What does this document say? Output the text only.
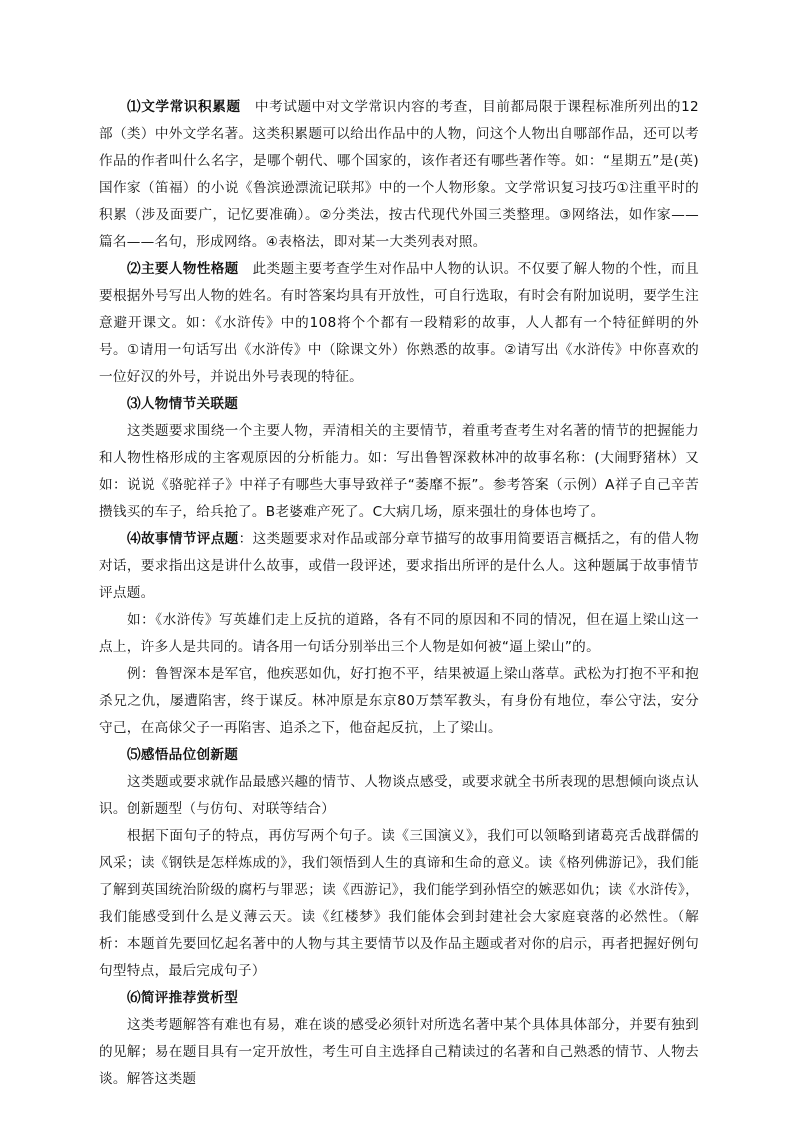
⑴文学常识积累题　中考试题中对文学常识内容的考查，目前都局限于课程标准所列出的12部（类）中外文学名著。这类积累题可以给出作品中的人物，问这个人物出自哪部作品，还可以考作品的作者叫什么名字，是哪个朝代、哪个国家的，该作者还有哪些著作等。如：“星期五”是(英)国作家（笛福）的小说《鲁滨逊漂流记联邦》中的一个人物形象。文学常识复习技巧①注重平时的积累（涉及面要广，记忆要准确）。②分类法，按古代现代外国三类整理。③网络法，如作家——篇名——名句，形成网络。④表格法，即对某一大类列表对照。

⑵主要人物性格题　此类题主要考查学生对作品中人物的认识。不仅要了解人物的个性，而且要根据外号写出人物的姓名。有时答案均具有开放性，可自行选取，有时会有附加说明，要学生注意避开课文。如：《水浒传》中的108将个个都有一段精彩的故事，人人都有一个特征鲜明的外号。①请用一句话写出《水浒传》中（除课文外）你熟悉的故事。②请写出《水浒传》中你喜欢的一位好汉的外号，并说出外号表现的特征。

⑶人物情节关联题

这类题要求围绕一个主要人物，弄清相关的主要情节，着重考查考生对名著的情节的把握能力和人物性格形成的主客观原因的分析能力。如：写出鲁智深救林冲的故事名称：(大闹野猪林）又如：说说《骆驼祥子》中祥子有哪些大事导致祥子“萎靡不振”。参考答案（示例）A祥子自己辛苦攒钱买的车子，给兵抢了。B老婆难产死了。C大病几场，原来强壮的身体也垮了。

⑷故事情节评点题：这类题要求对作品或部分章节描写的故事用简要语言概括之，有的借人物对话，要求指出这是讲什么故事，或借一段评述，要求指出所评的是什么人。这种题属于故事情节评点题。

如：《水浒传》写英雄们走上反抗的道路，各有不同的原因和不同的情况，但在逼上梁山这一点上，许多人是共同的。请各用一句话分别举出三个人物是如何被“逼上梁山”的。

例：鲁智深本是军官，他疾恶如仇，好打抱不平，结果被逼上梁山落草。武松为打抱不平和抱杀兄之仇，屡遭陷害，终于谋反。林冲原是东京80万禁军教头，有身份有地位，奉公守法，安分守己，在高俅父子一再陷害、追杀之下，他奋起反抗，上了梁山。

⑸感悟品位创新题

这类题或要求就作品最感兴趣的情节、人物谈点感受，或要求就全书所表现的思想倾向谈点认识。创新题型（与仿句、对联等结合）

根据下面句子的特点，再仿写两个句子。读《三国演义》，我们可以领略到诸葛亮舌战群儒的风采；读《钢铁是怎样炼成的》，我们领悟到人生的真谛和生命的意义。读《格列佛游记》，我们能了解到英国统治阶级的腐朽与罪恶；读《西游记》，我们能学到孙悟空的嫉恶如仇；读《水浒传》，我们能感受到什么是义薄云天。读《红楼梦》我们能体会到封建社会大家庭衰落的必然性。（解析：本题首先要回忆起名著中的人物与其主要情节以及作品主题或者对你的启示，再者把握好例句句型特点，最后完成句子）

⑹简评推荐赏析型

这类考题解答有难也有易，难在谈的感受必须针对所选名著中某个具体具体部分，并要有独到的见解；易在题目具有一定开放性，考生可自主选择自己精读过的名著和自己熟悉的情节、人物去谈。解答这类题
